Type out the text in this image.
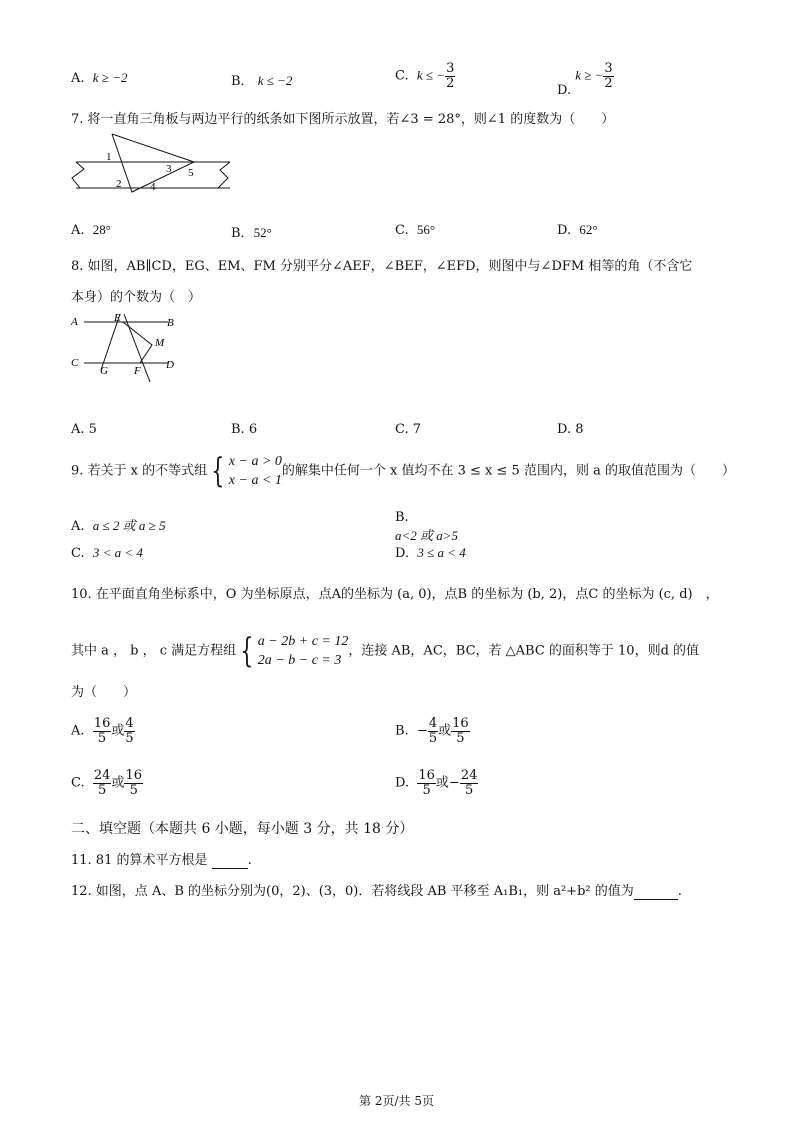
A. k ≥ −2	B． k ≤ −2	C. k ≤ − $\frac{3}{2}$	D. k ≥ − $\frac{3}{2}$
7. 将一直角三角板与两边平行的纸条如下图所示放置，若∠3 = 28°，则∠1 的度数为（　　）
1
2
3
4
5
A. 28°	B．52°	C. 56°	D. 62°
8. 如图，AB∥CD，EG、EM、FM 分别平分∠AEF，∠BEF，∠EFD，则图中与∠DFM 相等的角（不含它
本身）的个数为（　）
A	E	B
M
C
G F D
A. 5	B. 6	C. 7	D. 8
9. 若关于 x 的不等式组 { x − a > 0
x − a < 1
的解集中任何一个 x 值均不在 3 ≤ x ≤ 5 范围内，则 a 的取值范围为（　　）
A. a ≤ 2 或 a ≥ 5
B.
a<2 或 a>5
C. 3 < a < 4	D. 3 ≤ a < 4
10. 在平面直角坐标系中，O 为坐标原点，点A的坐标为 (a, 0)，点B 的坐标为 (b, 2)，点C 的坐标为 (c, d)　，
其中 a ， b ， c 满足方程组 { a − 2b + c = 12
2a − b − c = 3
，连接 AB，AC，BC，若 △ABC 的面积等于 10，则d 的值
为（　　）
A. $\frac{16}{5}$ 或 $\frac{4}{5}$	B. − $\frac{4}{5}$ 或 $\frac{16}{5}$
C. $\frac{24}{5}$ 或 $\frac{16}{5}$	D. $\frac{16}{5}$ 或− $\frac{24}{5}$
二、填空题（本题共 6 小题，每小题 3 分，共 18 分）
11. 81 的算术平方根是	.
12. 如图，点 A、B 的坐标分别为(0，2)、(3，0)．若将线段 AB 平移至 A₁B₁，则 a²+b² 的值为	.
第 2页/共 5页
